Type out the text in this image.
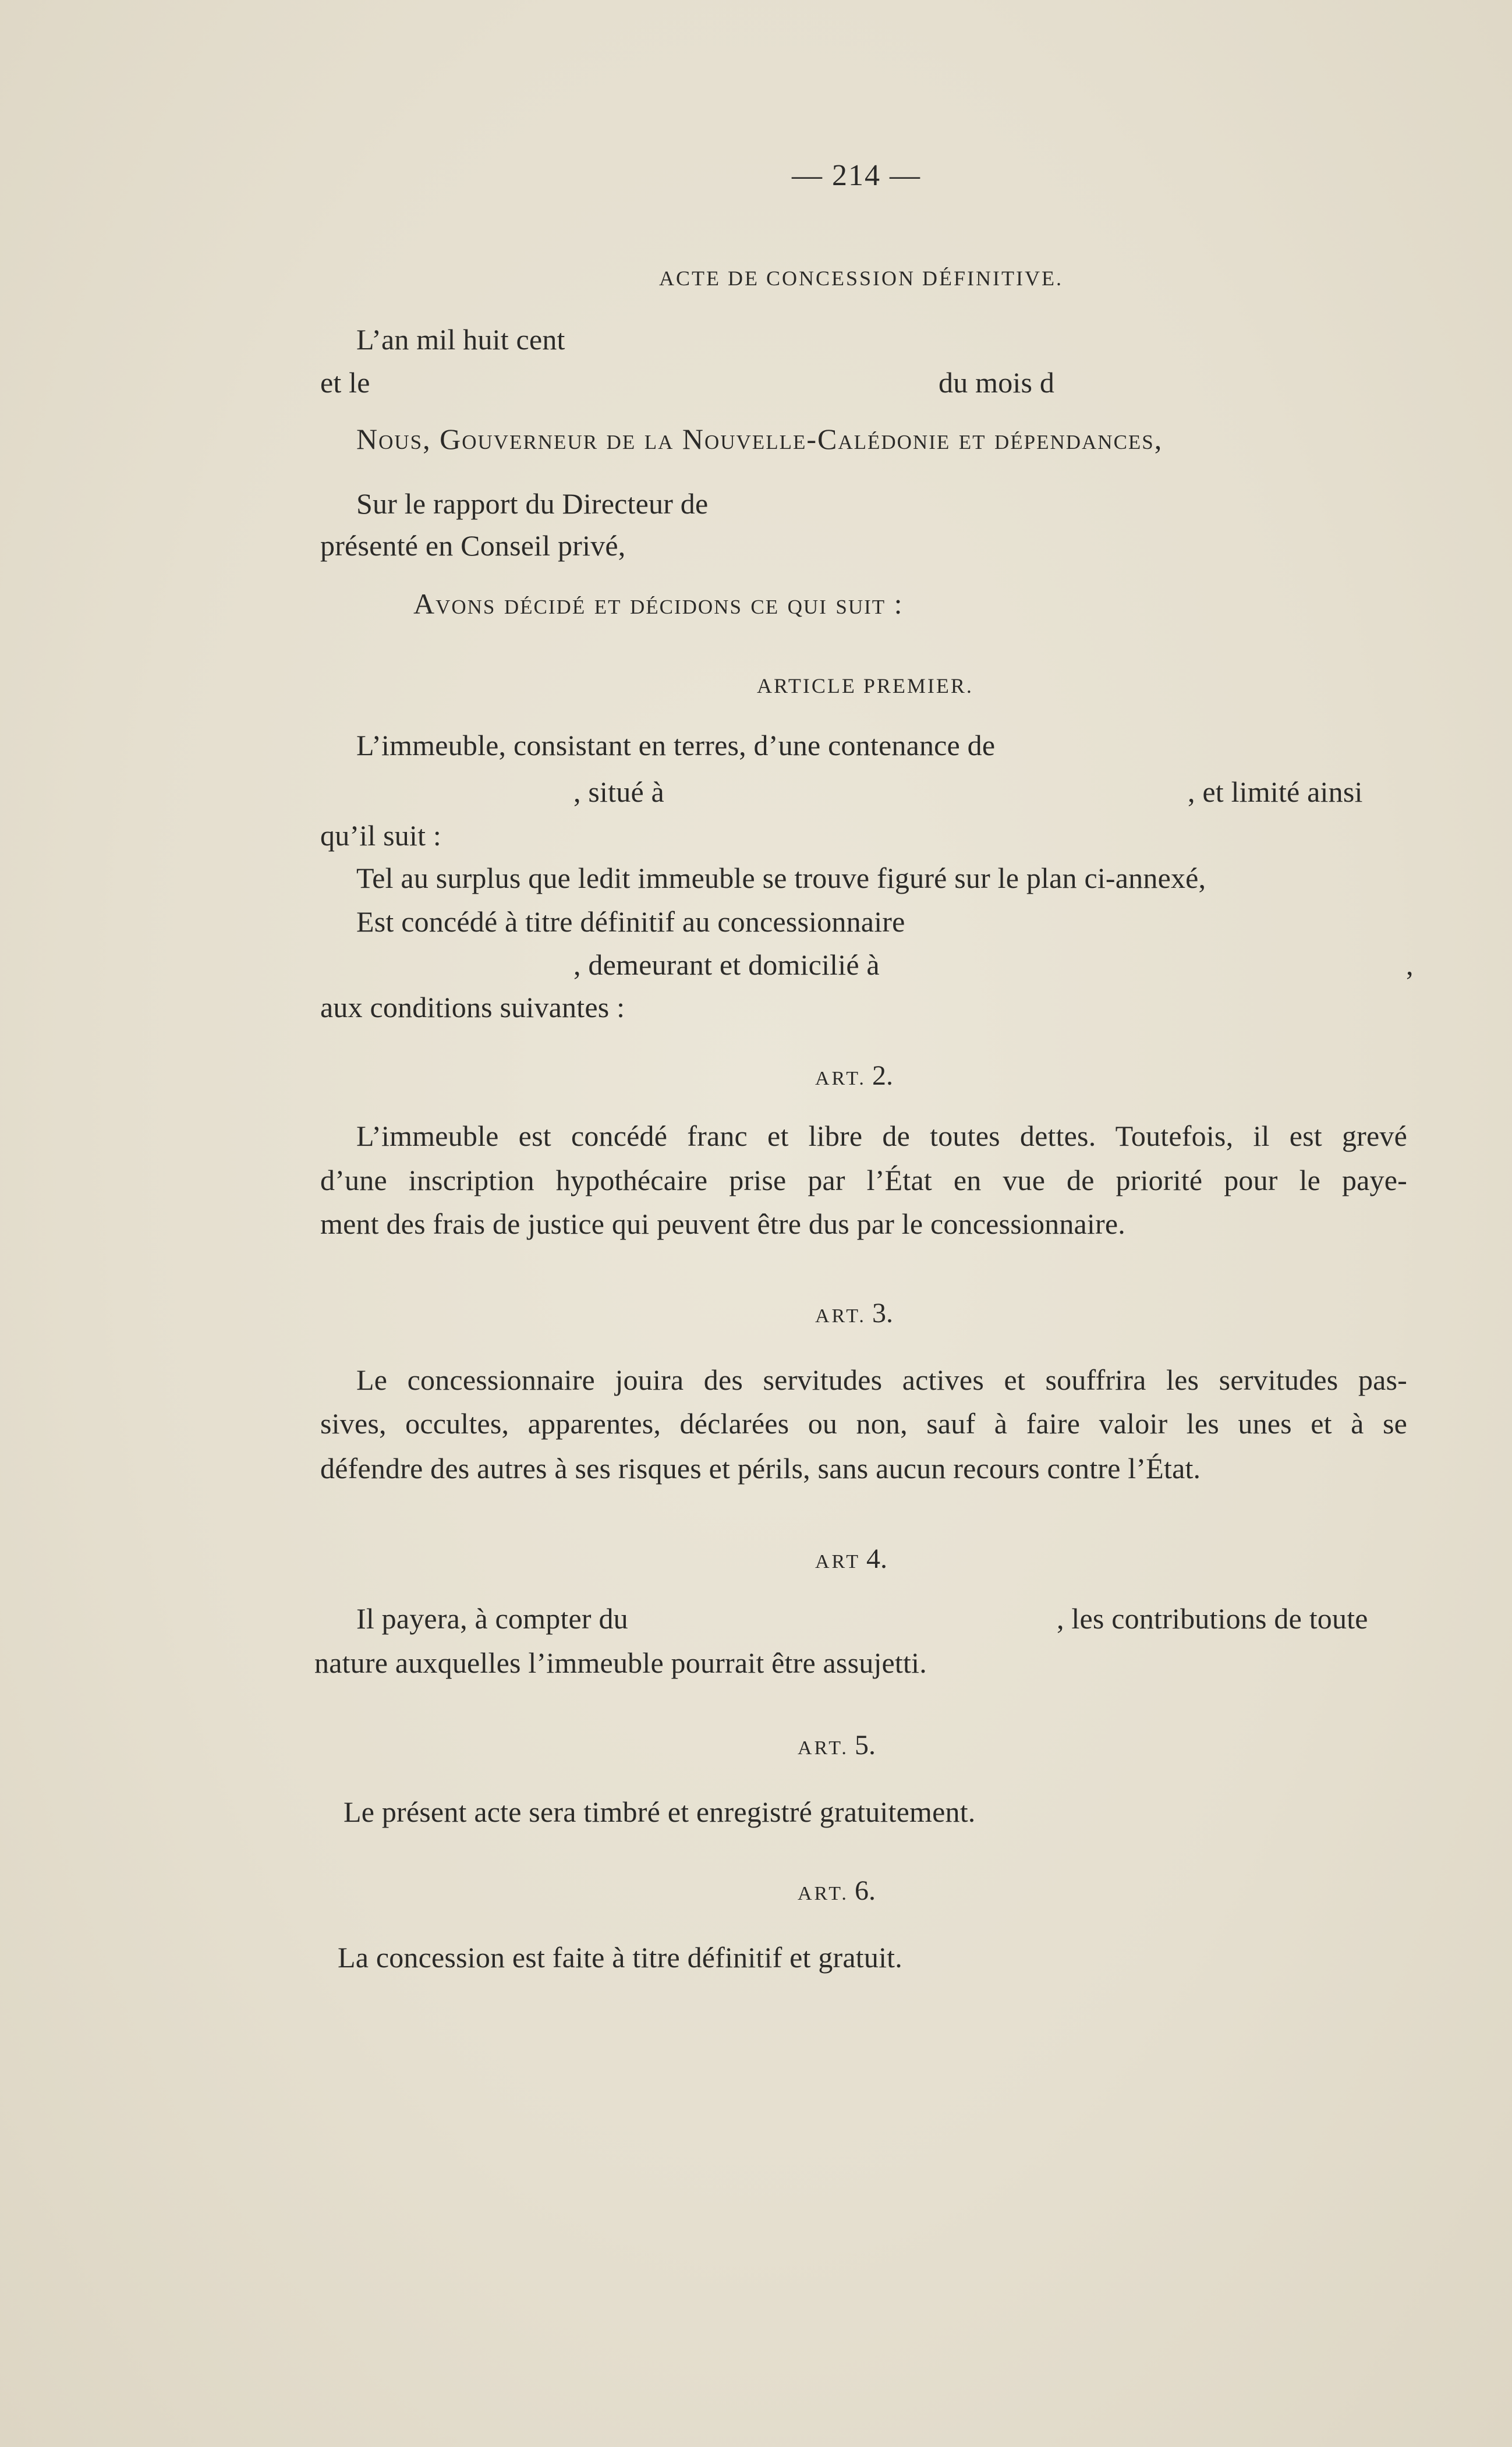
— 214 —
ACTE DE CONCESSION DÉFINITIVE.
L’an mil huit cent
et le	du mois d
Nous, Gouverneur de la Nouvelle-Calédonie et dépendances,
Sur le rapport du Directeur de
présenté en Conseil privé,
Avons décidé et décidons ce qui suit :
ARTICLE PREMIER.
L’immeuble, consistant en terres, d’une contenance de
, situé à	, et limité ainsi
qu’il suit :
Tel au surplus que ledit immeuble se trouve figuré sur le plan ci-annexé,
Est concédé à titre définitif au concessionnaire
, demeurant et domicilié à	,
aux conditions suivantes :
ART. 2.
L’immeuble est concédé franc et libre de toutes dettes. Toutefois, il est grevé
d’une inscription hypothécaire prise par l’État en vue de priorité pour le paye-
ment des frais de justice qui peuvent être dus par le concessionnaire.
ART. 3.
Le concessionnaire jouira des servitudes actives et souffrira les servitudes pas-
sives, occultes, apparentes, déclarées ou non, sauf à faire valoir les unes et à se
défendre des autres à ses risques et périls, sans aucun recours contre l’État.
ART 4.
Il payera, à compter du	, les contributions de toute
nature auxquelles l’immeuble pourrait être assujetti.
ART. 5.
Le présent acte sera timbré et enregistré gratuitement.
ART. 6.
La concession est faite à titre définitif et gratuit.
